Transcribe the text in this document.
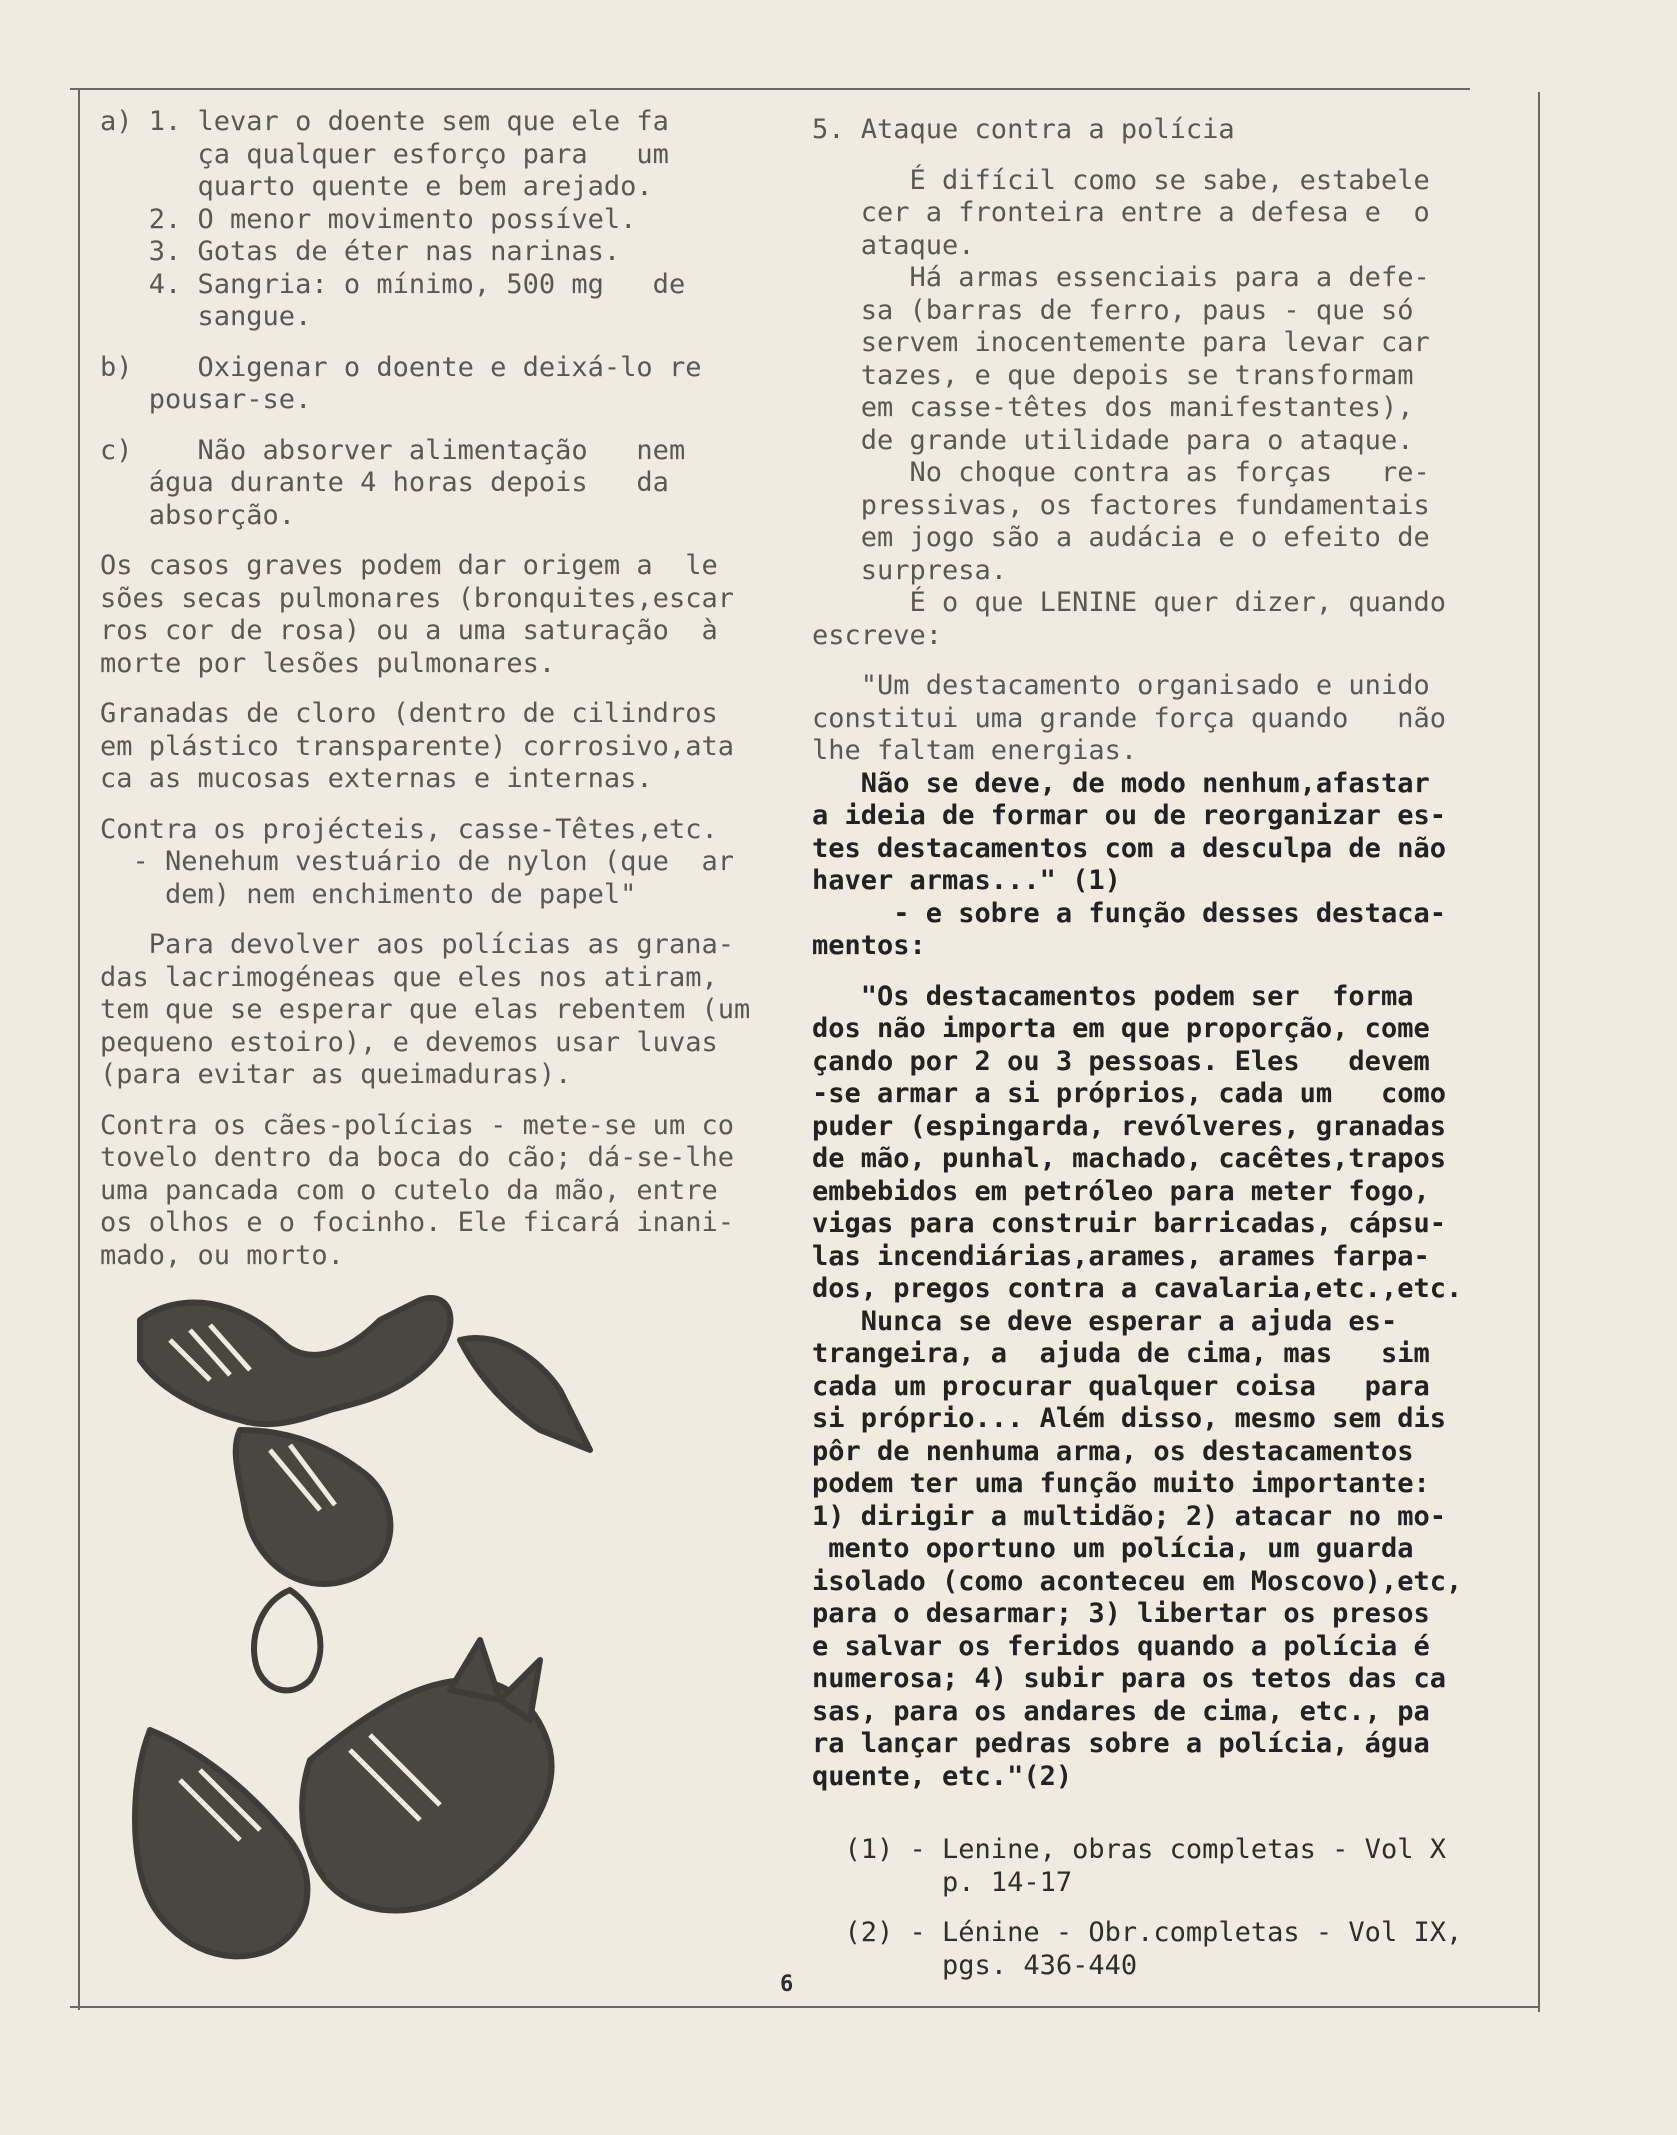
a) 1. levar o doente sem que ele fa
ça qualquer esforço para   um
quarto quente e bem arejado.
2. O menor movimento possível.
3. Gotas de éter nas narinas.
4. Sangria: o mínimo, 500 mg   de
sangue.
b)    Oxigenar o doente e deixá-lo re
pousar-se.
c)    Não absorver alimentação   nem
água durante 4 horas depois   da
absorção.
Os casos graves podem dar origem a  le
sões secas pulmonares (bronquites,escar
ros cor de rosa) ou a uma saturação  à
morte por lesões pulmonares.
Granadas de cloro (dentro de cilindros
em plástico transparente) corrosivo,ata
ca as mucosas externas e internas.
Contra os projécteis, casse-Têtes,etc.
- Nenehum vestuário de nylon (que  ar
dem) nem enchimento de papel"
Para devolver aos polícias as grana-
das lacrimogéneas que eles nos atiram,
tem que se esperar que elas rebentem (um
pequeno estoiro), e devemos usar luvas
(para evitar as queimaduras).
Contra os cães-polícias - mete-se um co
tovelo dentro da boca do cão; dá-se-lhe
uma pancada com o cutelo da mão, entre
os olhos e o focinho. Ele ficará inani-
mado, ou morto.
5. Ataque contra a polícia
É difícil como se sabe, estabele
cer a fronteira entre a defesa e  o
ataque.
Há armas essenciais para a defe-
sa (barras de ferro, paus - que só
servem inocentemente para levar car
tazes, e que depois se transformam
em casse-têtes dos manifestantes),
de grande utilidade para o ataque.
No choque contra as forças   re-
pressivas, os factores fundamentais
em jogo são a audácia e o efeito de
surpresa.
É o que LENINE quer dizer, quando
escreve:
"Um destacamento organisado e unido
constitui uma grande força quando   não
lhe faltam energias.
Não se deve, de modo nenhum,afastar
a ideia de formar ou de reorganizar es-
tes destacamentos com a desculpa de não
haver armas..." (1)
- e sobre a função desses destaca-
mentos:
"Os destacamentos podem ser  forma
dos não importa em que proporção, come
çando por 2 ou 3 pessoas. Eles   devem
-se armar a si próprios, cada um   como
puder (espingarda, revólveres, granadas
de mão, punhal, machado, cacêtes,trapos
embebidos em petróleo para meter fogo,
vigas para construir barricadas, cápsu-
las incendiárias,arames, arames farpa-
dos, pregos contra a cavalaria,etc.,etc.
Nunca se deve esperar a ajuda es-
trangeira, a  ajuda de cima, mas   sim
cada um procurar qualquer coisa   para
si próprio... Além disso, mesmo sem dis
pôr de nenhuma arma, os destacamentos
podem ter uma função muito importante:
1) dirigir a multidão; 2) atacar no mo-
mento oportuno um polícia, um guarda
isolado (como aconteceu em Moscovo),etc,
para o desarmar; 3) libertar os presos
e salvar os feridos quando a polícia é
numerosa; 4) subir para os tetos das ca
sas, para os andares de cima, etc., pa
ra lançar pedras sobre a polícia, água
quente, etc."(2)
(1) - Lenine, obras completas - Vol X
p. 14-17
(2) - Lénine - Obr.completas - Vol IX,
pgs. 436-440
6
